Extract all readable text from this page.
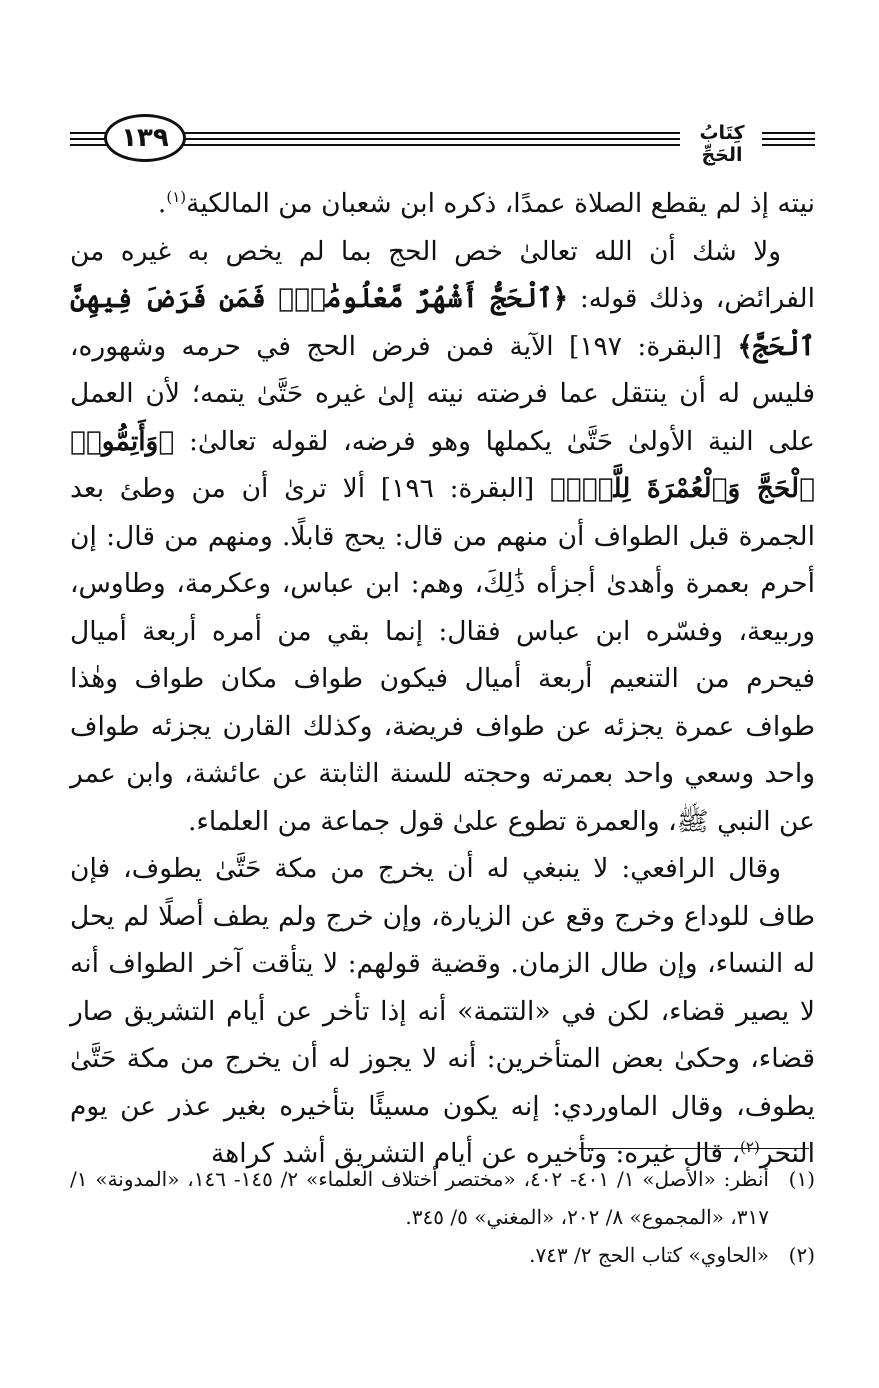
١٣٩	كِتَابُ الحَجِّ

نيته إذ لم يقطع الصلاة عمدًا، ذكره ابن شعبان من المالكية$^{(١)}$.

ولا شك أن الله تعالىٰ خص الحج بما لم يخص به غيره من الفرائض، وذلك قوله: ﴿ٱلْحَجُّ أَشْهُرٌ مَّعْلُومَٰتٌۚ فَمَن فَرَضَ فِيهِنَّ ٱلْحَجَّ﴾ [البقرة: ١٩٧] الآية فمن فرض الحج في حرمه وشهوره، فليس له أن ينتقل عما فرضته نيته إلىٰ غيره حَتَّىٰ يتمه؛ لأن العمل على النية الأولىٰ حَتَّىٰ يكملها وهو فرضه، لقوله تعالىٰ: ﴿وَأَتِمُّوا۟ ٱلْحَجَّ وَٱلْعُمْرَةَ لِلَّهِۚ﴾ [البقرة: ١٩٦] ألا ترىٰ أن من وطئ بعد الجمرة قبل الطواف أن منهم من قال: يحج قابلًا. ومنهم من قال: إن أحرم بعمرة وأهدىٰ أجزأه ذَٰلِكَ، وهم: ابن عباس، وعكرمة، وطاوس، وربيعة، وفسّره ابن عباس فقال: إنما بقي من أمره أربعة أميال فيحرم من التنعيم أربعة أميال فيكون طواف مكان طواف وهٰذا طواف عمرة يجزئه عن طواف فريضة، وكذلك القارن يجزئه طواف واحد وسعي واحد بعمرته وحجته للسنة الثابتة عن عائشة، وابن عمر عن النبي ﷺ، والعمرة تطوع علىٰ قول جماعة من العلماء.

وقال الرافعي: لا ينبغي له أن يخرج من مكة حَتَّىٰ يطوف، فإن طاف للوداع وخرج وقع عن الزيارة، وإن خرج ولم يطف أصلًا لم يحل له النساء، وإن طال الزمان. وقضية قولهم: لا يتأقت آخر الطواف أنه لا يصير قضاء، لكن في «التتمة» أنه إذا تأخر عن أيام التشريق صار قضاء، وحكىٰ بعض المتأخرين: أنه لا يجوز له أن يخرج من مكة حَتَّىٰ يطوف، وقال الماوردي: إنه يكون مسيئًا بتأخيره بغير عذر عن يوم النحر$^{(٢)}$، قال غيره: وتأخيره عن أيام التشريق أشد كراهة

(١)
أنظر: «الأصل» ١/ ٤٠١- ٤٠٢، «مختصر أختلاف العلماء» ٢/ ١٤٥- ١٤٦، «المدونة» ١/ ٣١٧، «المجموع» ٨/ ٢٠٢، «المغني» ٥/ ٣٤٥.
(٢)
«الحاوي» كتاب الحج ٢/ ٧٤٣.
